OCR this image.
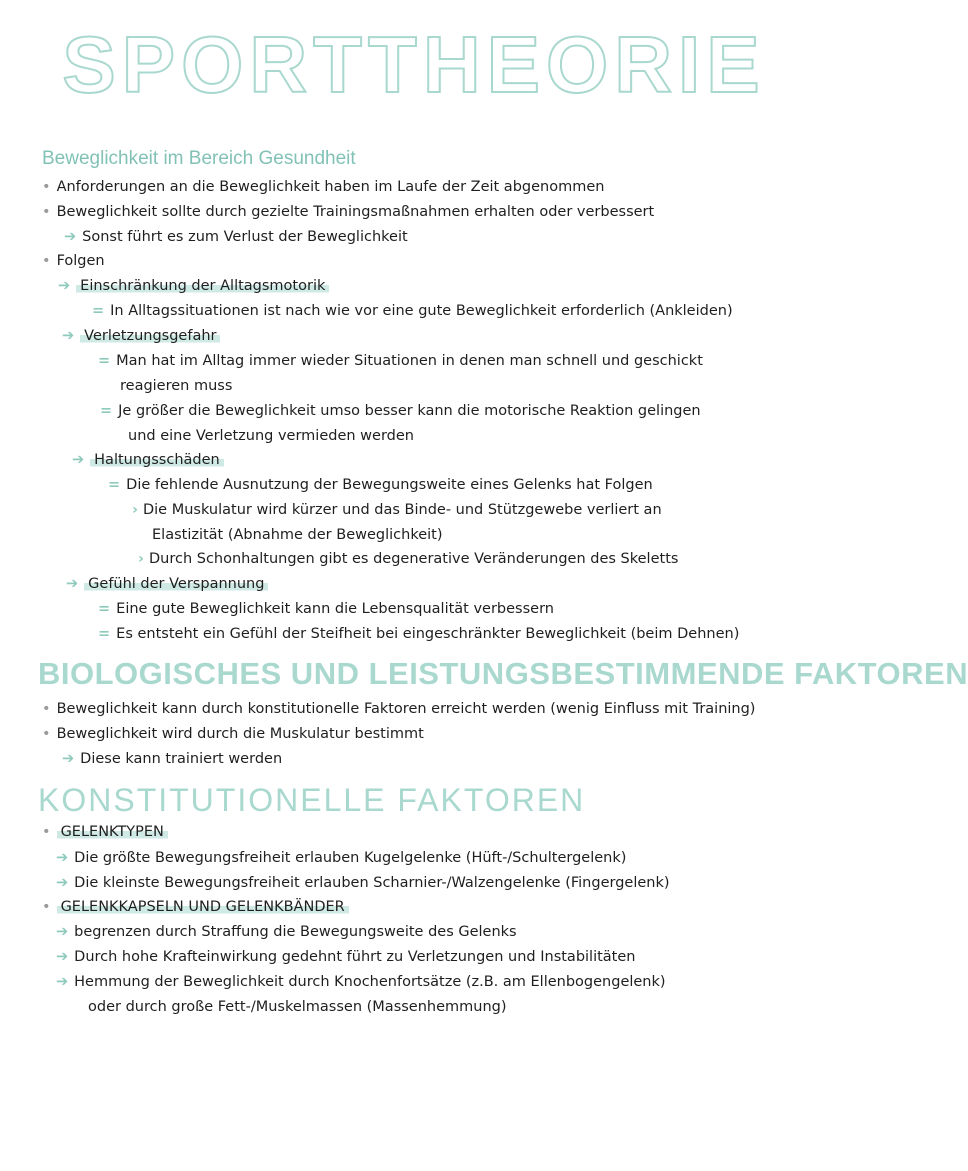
SPORTTHEORIE
Beweglichkeit im Bereich Gesundheit
• Anforderungen an die Beweglichkeit haben im Laufe der Zeit abgenommen
• Beweglichkeit sollte durch gezielte Trainingsmaßnahmen erhalten oder verbessert
➔ Sonst führt es zum Verlust der Beweglichkeit
• Folgen
➔ Einschränkung der Alltagsmotorik
= In Alltagssituationen ist nach wie vor eine gute Beweglichkeit erforderlich (Ankleiden)
➔ Verletzungsgefahr
= Man hat im Alltag immer wieder Situationen in denen man schnell und geschickt
reagieren muss
= Je größer die Beweglichkeit umso besser kann die motorische Reaktion gelingen
und eine Verletzung vermieden werden
➔ Haltungsschäden
= Die fehlende Ausnutzung der Bewegungsweite eines Gelenks hat Folgen
› Die Muskulatur wird kürzer und das Binde- und Stützgewebe verliert an
Elastizität (Abnahme der Beweglichkeit)
› Durch Schonhaltungen gibt es degenerative Veränderungen des Skeletts
➔ Gefühl der Verspannung
= Eine gute Beweglichkeit kann die Lebensqualität verbessern
= Es entsteht ein Gefühl der Steifheit bei eingeschränkter Beweglichkeit (beim Dehnen)
BIOLOGISCHES UND LEISTUNGSBESTIMMENDE FAKTOREN
• Beweglichkeit kann durch konstitutionelle Faktoren erreicht werden (wenig Einfluss mit Training)
• Beweglichkeit wird durch die Muskulatur bestimmt
➔ Diese kann trainiert werden
KONSTITUTIONELLE FAKTOREN
• GELENKTYPEN
➔ Die größte Bewegungsfreiheit erlauben Kugelgelenke (Hüft-/Schultergelenk)
➔ Die kleinste Bewegungsfreiheit erlauben Scharnier-/Walzengelenke (Fingergelenk)
• GELENKKAPSELN UND GELENKBÄNDER
➔ begrenzen durch Straffung die Bewegungsweite des Gelenks
➔ Durch hohe Krafteinwirkung gedehnt führt zu Verletzungen und Instabilitäten
➔ Hemmung der Beweglichkeit durch Knochenfortsätze (z.B. am Ellenbogengelenk)
oder durch große Fett-/Muskelmassen (Massenhemmung)
